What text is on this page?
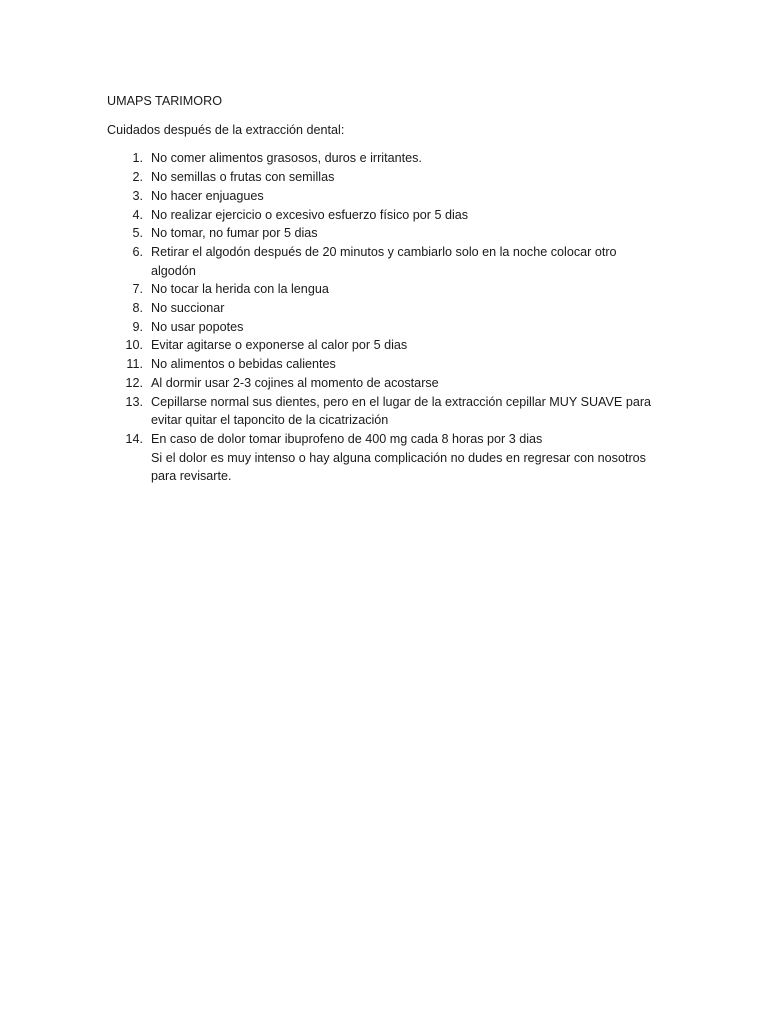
UMAPS TARIMORO
Cuidados después de la extracción dental:
1. No comer alimentos grasosos, duros e irritantes.
2. No semillas o frutas con semillas
3. No hacer enjuagues
4. No realizar ejercicio o excesivo esfuerzo físico por 5 dias
5. No tomar, no fumar por 5 dias
6. Retirar el algodón después de 20 minutos y cambiarlo solo en la noche colocar otro algodón
7. No tocar la herida con la lengua
8. No succionar
9. No usar popotes
10. Evitar agitarse o exponerse al calor por 5 dias
11. No alimentos o bebidas calientes
12. Al dormir usar 2-3 cojines al momento de acostarse
13. Cepillarse normal sus dientes, pero en el lugar de la extracción cepillar MUY SUAVE para evitar quitar el taponcito de la cicatrización
14. En caso de dolor tomar ibuprofeno de 400 mg cada 8 horas por 3 dias
Si el dolor es muy intenso o hay alguna complicación no dudes en regresar con nosotros para revisarte.
